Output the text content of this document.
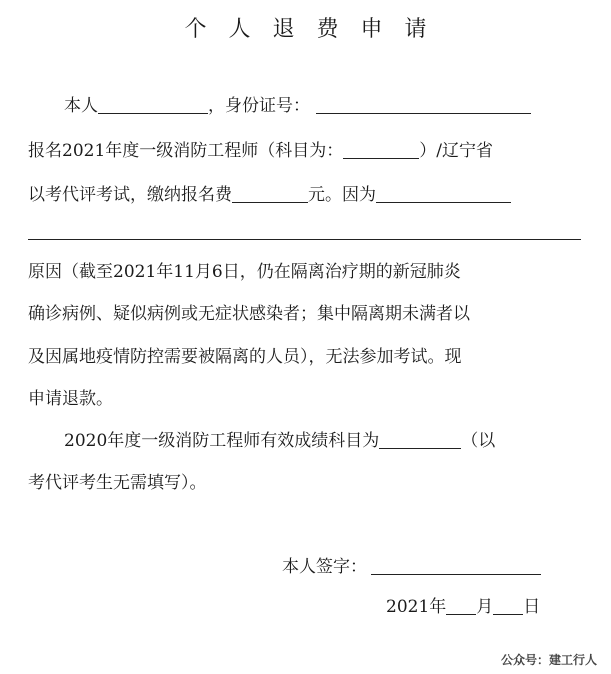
个人退费申请
本人	，身份证号：
报名2021年度一级消防工程师（科目为：	）/辽宁省
以考代评考试，缴纳报名费	元。因为
原因（截至2021年11月6日，仍在隔离治疗期的新冠肺炎
确诊病例、疑似病例或无症状感染者；集中隔离期未满者以
及因属地疫情防控需要被隔离的人员），无法参加考试。现
申请退款。
2020年度一级消防工程师有效成绩科目为	（以
考代评考生无需填写）。
本人签字：
2021年 月 日
公众号：建工行人
